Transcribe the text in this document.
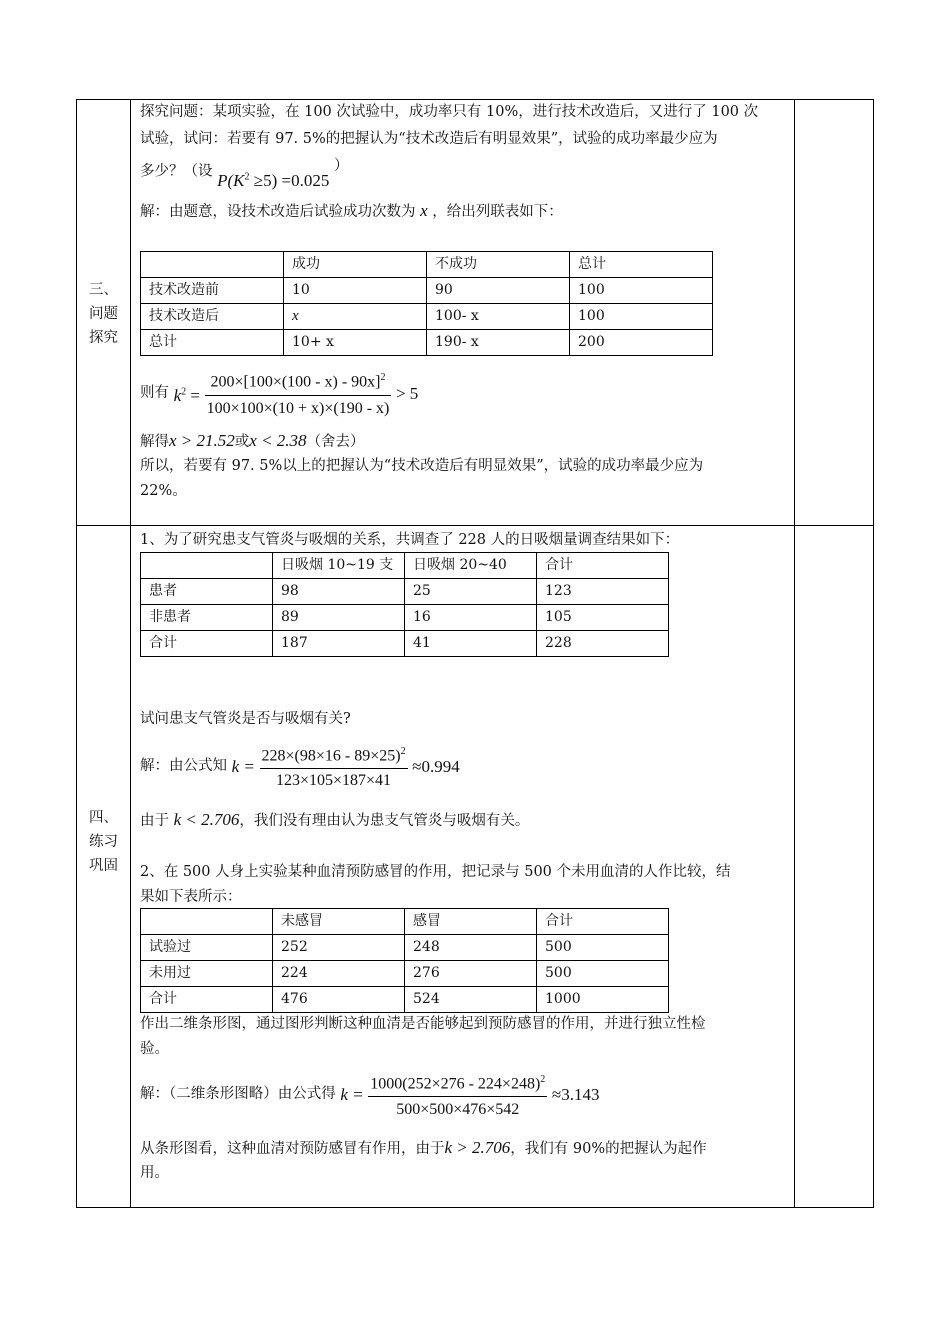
三、
问题
探究
探究问题：某项实验，在 100 次试验中，成功率只有 10%，进行技术改造后，又进行了 100 次
试验，试问：若要有 97. 5%的把握认为“技术改造后有明显效果”，试验的成功率最少应为
多少？（设 $P(K^2 \ge 5) =0.025$ ）
解：由题意，设技术改造后试验成功次数为 x ，给出列联表如下：
	成功	不成功	总计
技术改造前	10	90	100
技术改造后	x	100- x	100
总计	10+ x	190- x	200
则有 $k^2 = \frac{200\times[100\times(100 - x) - 90x]^2}{100\times 100\times(10 + x)\times(190 - x)} > 5$
解得x > 21.52或x < 2.38（舍去）
所以，若要有 97. 5%以上的把握认为“技术改造后有明显效果”，试验的成功率最少应为
22%。
四、
练习
巩固
1、为了研究患支气管炎与吸烟的关系，共调查了 228 人的日吸烟量调查结果如下：
	日吸烟 10~19 支	日吸烟 20~40	合计
患者	98	25	123
非患者	89	16	105
合计	187	41	228
试问患支气管炎是否与吸烟有关?
解：由公式知 $k = \frac{228\times(98\times 16 - 89\times 25)^2}{123\times 105\times 187\times 41} \approx 0.994$
由于 k < 2.706，我们没有理由认为患支气管炎与吸烟有关。
2、在 500 人身上实验某种血清预防感冒的作用，把记录与 500 个未用血清的人作比较，结
果如下表所示：
	未感冒	感冒	合计
试验过	252	248	500
未用过	224	276	500
合计	476	524	1000
作出二维条形图，通过图形判断这种血清是否能够起到预防感冒的作用，并进行独立性检
验。
解：（二维条形图略）由公式得 $k = \frac{1000(252\times 276 - 224\times 248)^2}{500\times 500\times 476\times 542} \approx 3.143$
从条形图看，这种血清对预防感冒有作用，由于k > 2.706，我们有 90%的把握认为起作
用。
